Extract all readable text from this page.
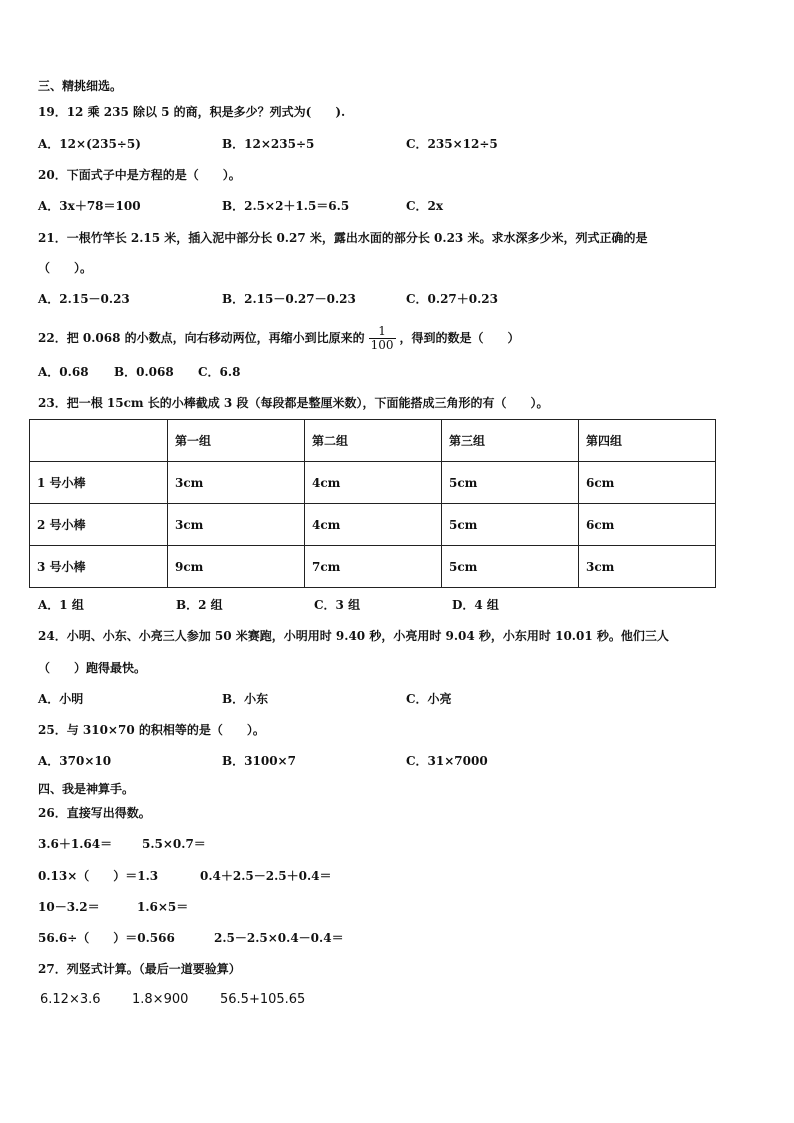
三、精挑细选。
19．12 乘 235 除以 5 的商，积是多少？列式为(　　).
A．12×(235÷5)	B．12×235÷5	C．235×12÷5
20．下面式子中是方程的是（　　）。
A．3x＋78＝100	B．2.5×2＋1.5＝6.5	C．2x
21．一根竹竿长 2.15 米，插入泥中部分长 0.27 米，露出水面的部分长 0.23 米。求水深多少米，列式正确的是
（　　）。
A．2.15－0.23	B．2.15－0.27－0.23	C．0.27＋0.23
22．把 0.068 的小数点，向右移动两位，再缩小到比原来的 $\frac{1}{100}$ ，得到的数是（　　）
A．0.68 B．0.068 C．6.8
23．把一根 15cm 长的小棒截成 3 段（每段都是整厘米数），下面能搭成三角形的有（　　）。
	第一组	第二组	第三组	第四组
1 号小棒	3cm	4cm	5cm	6cm
2 号小棒	3cm	4cm	5cm	6cm
3 号小棒	9cm	7cm	5cm	3cm
A．1 组	B．2 组	C．3 组	D．4 组
24．小明、小东、小亮三人参加 50 米赛跑，小明用时 9.40 秒，小亮用时 9.04 秒，小东用时 10.01 秒。他们三人
（　　）跑得最快。
A．小明	B．小东	C．小亮
25．与 310×70 的积相等的是（　　）。
A．370×10	B．3100×7	C．31×7000
四、我是神算手。
26．直接写出得数。
3.6＋1.64＝ 5.5×0.7＝
0.13×（　　）＝1.3	0.4＋2.5－2.5＋0.4＝
10－3.2＝	1.6×5＝
56.6÷（　　）＝0.566	2.5－2.5×0.4－0.4＝
27．列竖式计算。（最后一道要验算）
6.12×3.6 1.8×900 56.5+105.65
